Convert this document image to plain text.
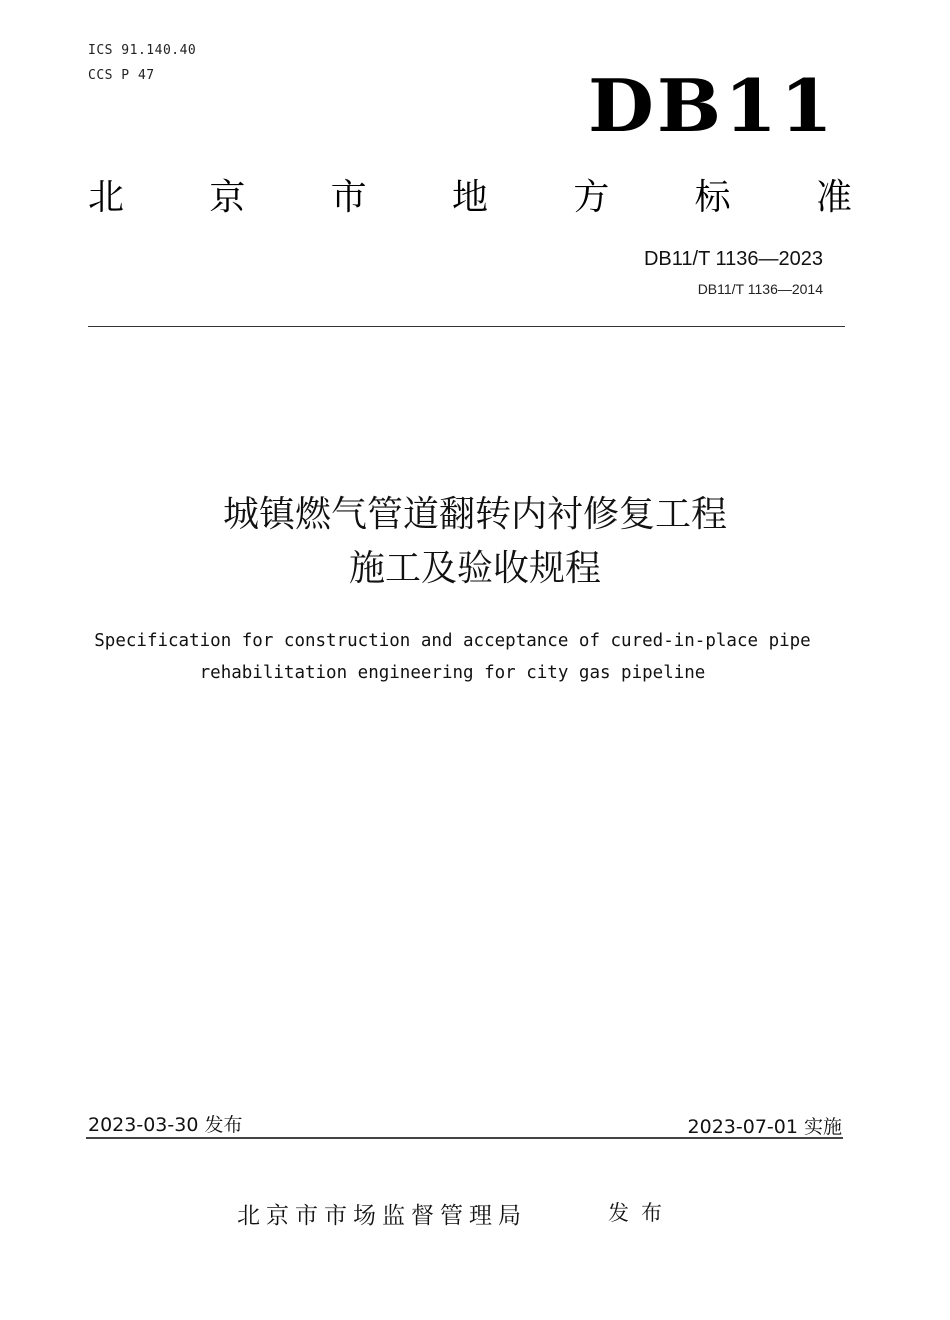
ICS 91.140.40
CCS P 47	DB11
北 京 市 地 方 标 准
DB11/T 1136—2023
DB11/T 1136—2014
城镇燃气管道翻转内衬修复工程
施工及验收规程
Specification for construction and acceptance of cured-in-place pipe
rehabilitation engineering for city gas pipeline
2023-03-30 发布	2023-07-01 实施
北京市市场监督管理局	发布
